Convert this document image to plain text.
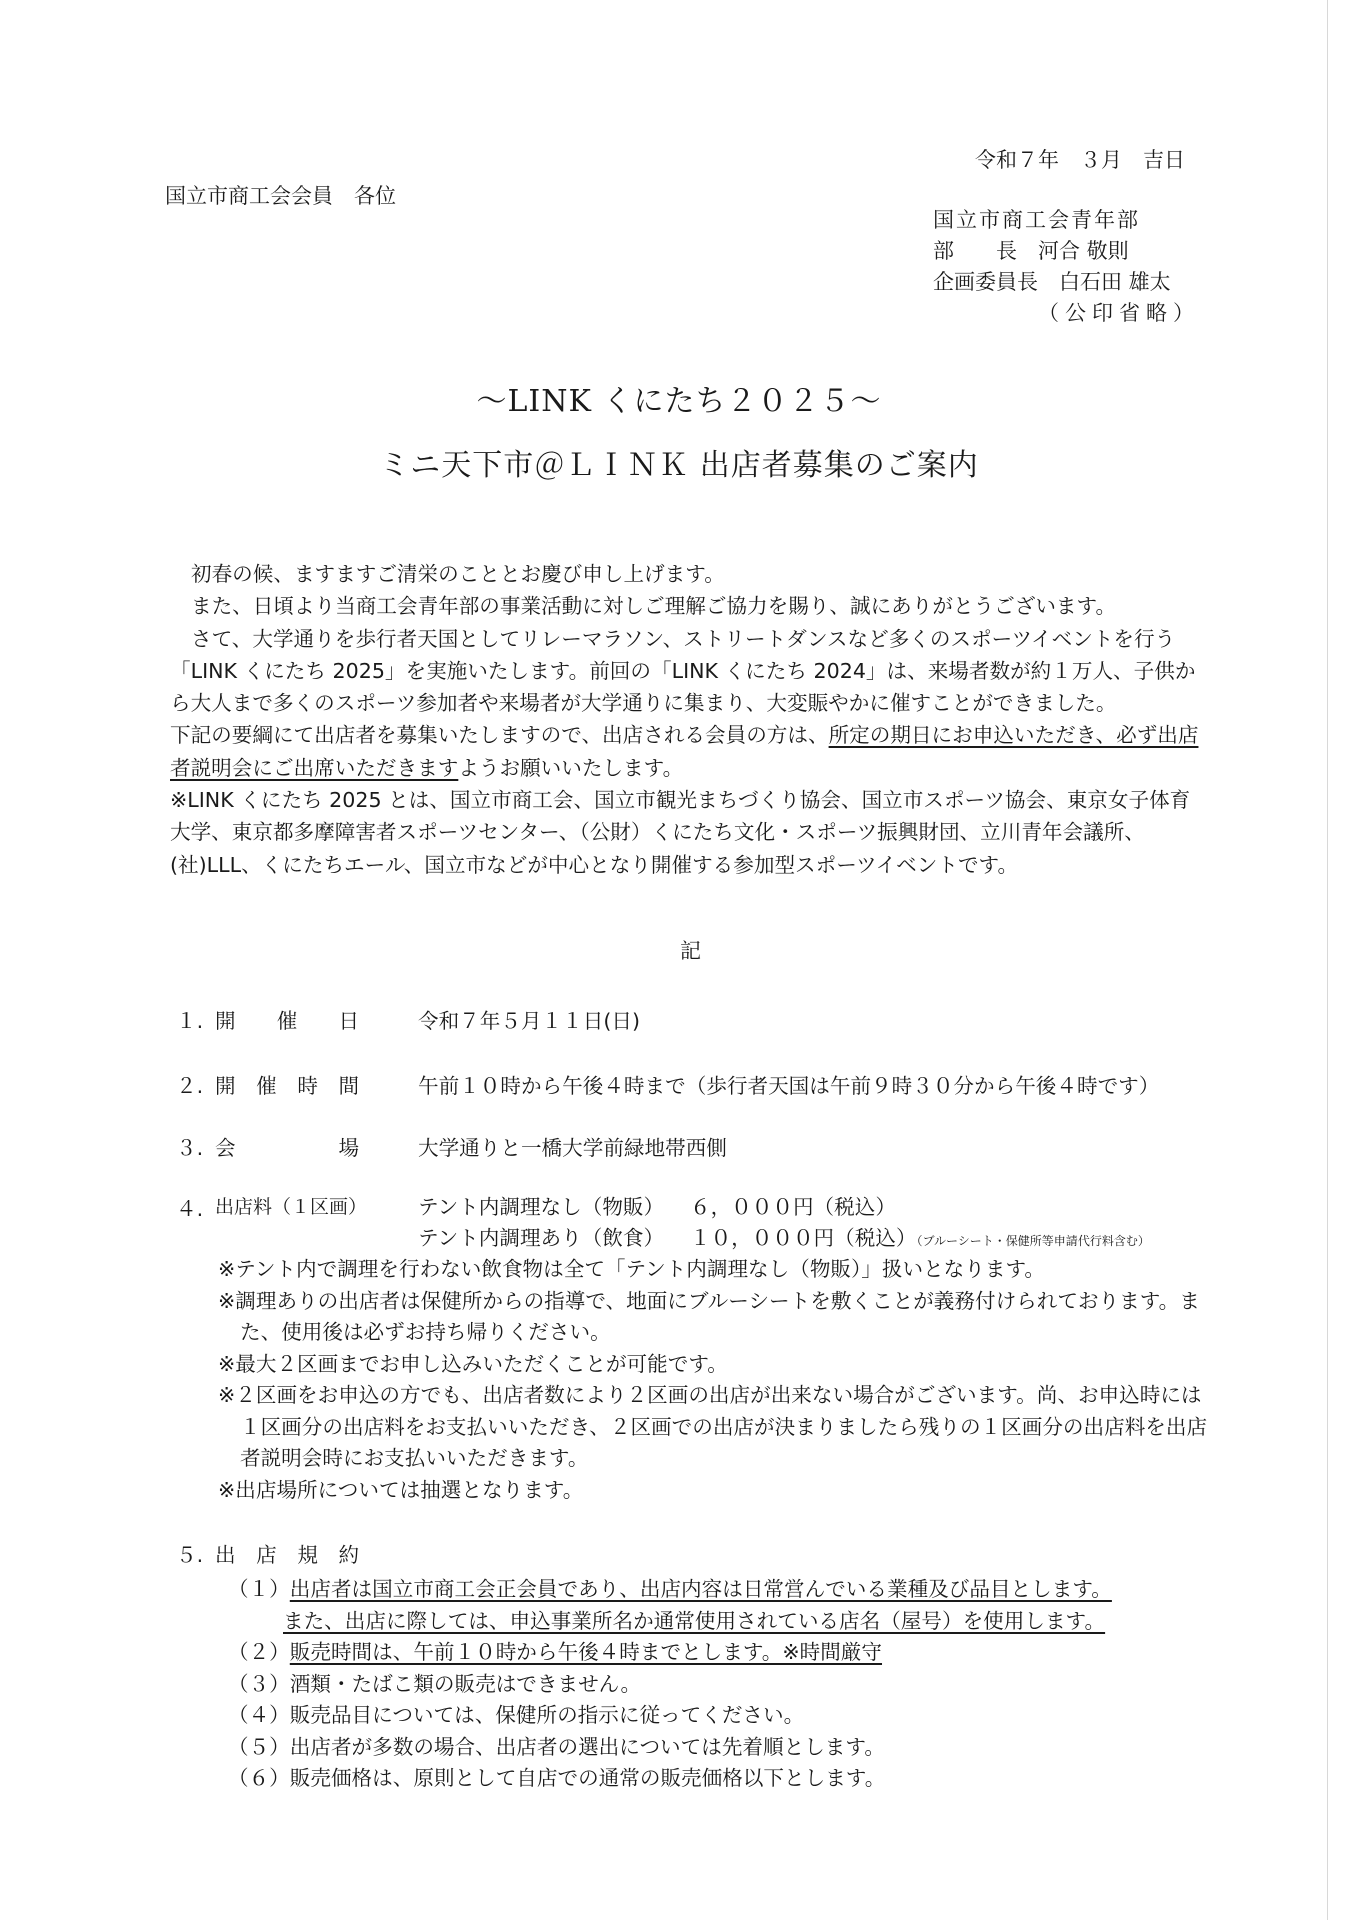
令和７年　３月　吉日
国立市商工会会員　各位
国立市商工会青年部
部　　長　河合 敬則
企画委員長　白石田 雄太
（公印省略）
～LINK くにたち２０２５～
ミニ天下市＠ＬＩＮＫ 出店者募集のご案内

初春の候、ますますご清栄のこととお慶び申し上げます。

また、日頃より当商工会青年部の事業活動に対しご理解ご協力を賜り、誠にありがとうございます。

さて、大学通りを歩行者天国としてリレーマラソン、ストリートダンスなど多くのスポーツイベントを行う「LINK くにたち 2025」を実施いたします。前回の「LINK くにたち 2024」は、来場者数が約１万人、子供から大人まで多くのスポーツ参加者や来場者が大学通りに集まり、大変賑やかに催すことができました。

下記の要綱にて出店者を募集いたしますので、出店される会員の方は、所定の期日にお申込いただき、必ず出店者説明会にご出席いただきますようお願いいたします。

※LINK くにたち 2025 とは、国立市商工会、国立市観光まちづくり協会、国立市スポーツ協会、東京女子体育大学、東京都多摩障害者スポーツセンター、（公財）くにたち文化・スポーツ振興財団、立川青年会議所、(社)LLL、くにたちエール、国立市などが中心となり開催する参加型スポーツイベントです。

記
１. 開　　催　　日	令和７年５月１１日(日)
２. 開　催　時　間	午前１０時から午後４時まで（歩行者天国は午前９時３０分から午後４時です）
３. 会　　　　　場	大学通りと一橋大学前緑地帯西側
４. 出店料（１区画） テント内調理なし（物販） ６，０００円（税込）
テント内調理あり（飲食） １０，０００円（税込）（ブルーシート・保健所等申請代行料含む）

※テント内で調理を行わない飲食物は全て「テント内調理なし（物販）」扱いとなります。

※調理ありの出店者は保健所からの指導で、地面にブルーシートを敷くことが義務付けられております。また、使用後は必ずお持ち帰りください。

※最大２区画までお申し込みいただくことが可能です。

※２区画をお申込の方でも、出店者数により２区画の出店が出来ない場合がございます。尚、お申込時には１区画分の出店料をお支払いいただき、２区画での出店が決まりましたら残りの１区画分の出店料を出店者説明会時にお支払いいただきます。

※出店場所については抽選となります。

５. 出　店　規　約
（１）出店者は国立市商工会正会員であり、出店内容は日常営んでいる業種及び品目とします。
また、出店に際しては、申込事業所名か通常使用されている店名（屋号）を使用します。
（２）販売時間は、午前１０時から午後４時までとします。※時間厳守
（３）酒類・たばこ類の販売はできません。
（４）販売品目については、保健所の指示に従ってください。
（５）出店者が多数の場合、出店者の選出については先着順とします。
（６）販売価格は、原則として自店での通常の販売価格以下とします。
